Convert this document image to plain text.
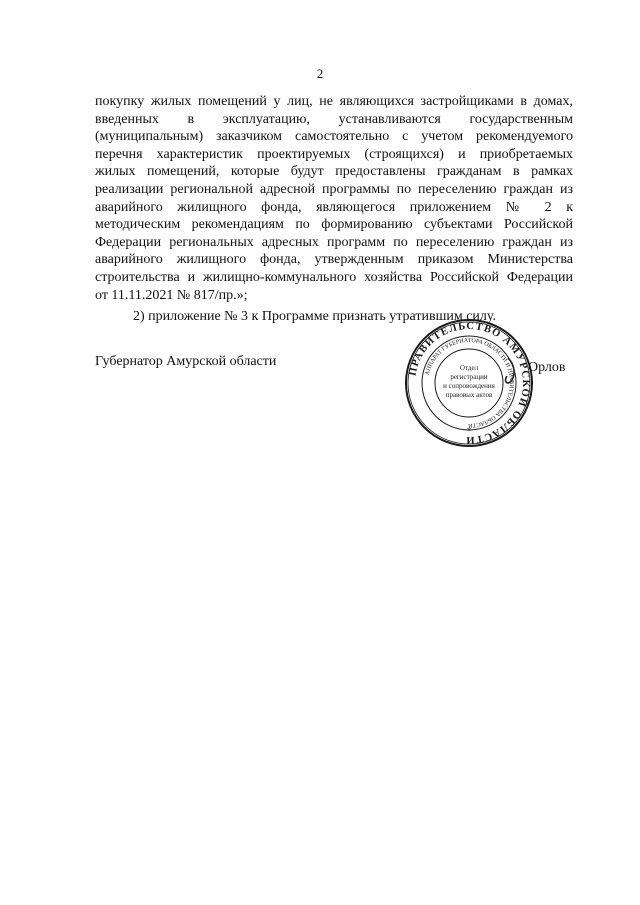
2

покупку жилых помещений у лиц, не являющихся застройщиками в домах,

введенных в эксплуатацию, устанавливаются государственным

(муниципальным) заказчиком самостоятельно с учетом рекомендуемого

перечня характеристик проектируемых (строящихся) и приобретаемых

жилых помещений, которые будут предоставлены гражданам в рамках

реализации региональной адресной программы по переселению граждан из

аварийного жилищного фонда, являющегося приложением № 2 к

методическим рекомендациям по формированию субъектами Российской

Федерации региональных адресных программ по переселению граждан из

аварийного жилищного фонда, утвержденным приказом Министерства

строительства и жилищно-коммунального хозяйства Российской Федерации

от 11.11.2021 № 817/пр.»;

2) приложение № 3 к Программе признать утратившим силу.

Губернатор Амурской области
ПРАВИТЕЛЬСТВО АМУРСКОЙ ОБЛАСТИ
АППАРАТ ГУБЕРНАТОРА ОБЛАСТИ И ПРАВИТЕЛЬСТВА ОБЛАСТИ
Отдел
регистрации
и сопровождения
правовых актов
*
Орлов
